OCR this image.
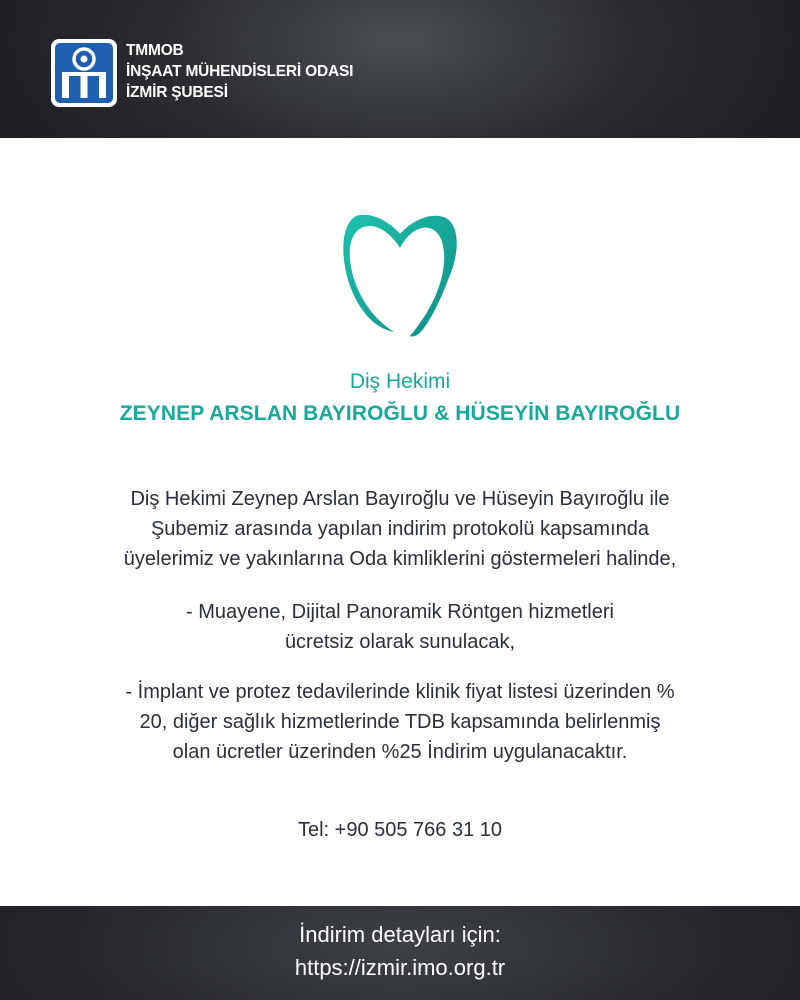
TMMOB
İNŞAAT MÜHENDİSLERİ ODASI
İZMİR ŞUBESİ
Diş Hekimi
ZEYNEP ARSLAN BAYIROĞLU & HÜSEYİN BAYIROĞLU
Diş Hekimi Zeynep Arslan Bayıroğlu ve Hüseyin Bayıroğlu ile
Şubemiz arasında yapılan indirim protokolü kapsamında
üyelerimiz ve yakınlarına Oda kimliklerini göstermeleri halinde,
- Muayene, Dijital Panoramik Röntgen hizmetleri
ücretsiz olarak sunulacak,
- İmplant ve protez tedavilerinde klinik fiyat listesi üzerinden %
20, diğer sağlık hizmetlerinde TDB kapsamında belirlenmiş
olan ücretler üzerinden %25 İndirim uygulanacaktır.
Tel: +90 505 766 31 10
İndirim detayları için:
https://izmir.imo.org.tr
